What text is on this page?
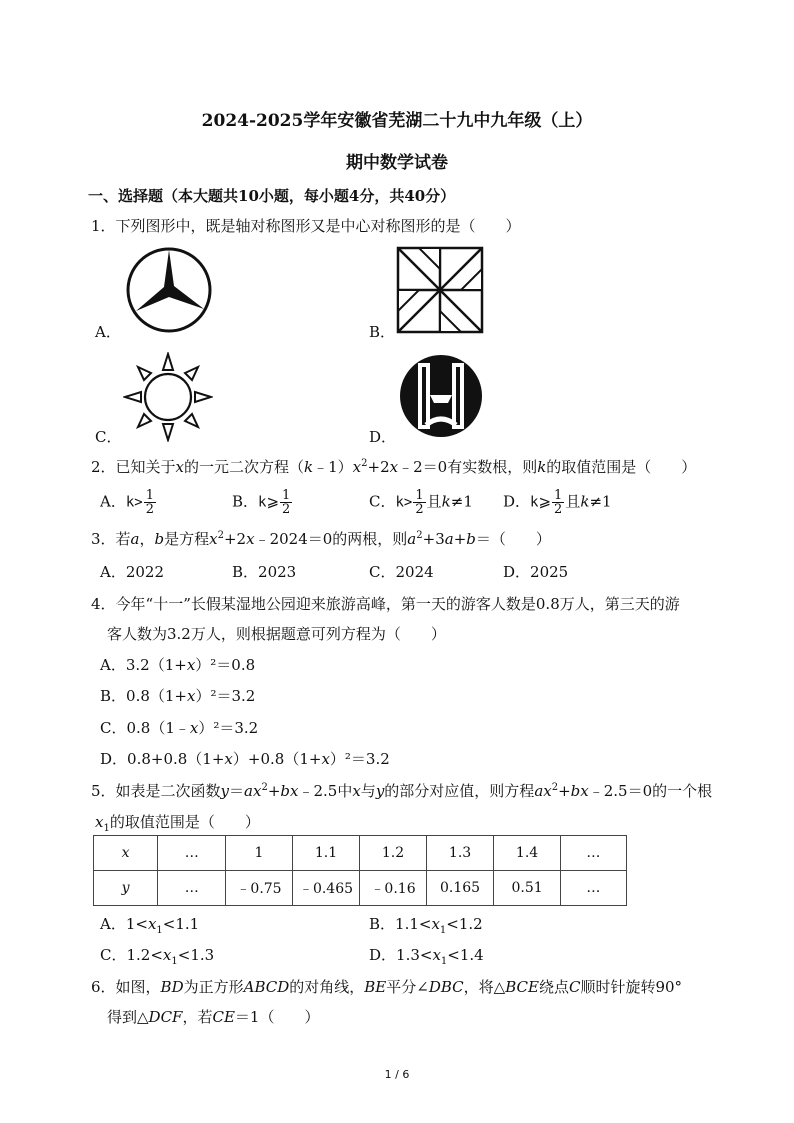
2024-2025学年安徽省芜湖二十九中九年级（上）
期中数学试卷
一、选择题（本大题共10小题，每小题4分，共40分）
1．下列图形中，既是轴对称图形又是中心对称图形的是（　　）
A．	B．
C．	D．
2．已知关于x的一元二次方程$(k﹣1)x^2+2x﹣2=0$有实数根，则k的取值范围是（　　）
A．$k> \frac{1}{2}$	B．k⩾ $\frac{1}{2}$	C．$k> \frac{1}{2}$ 且k≠1 D．k⩾ $\frac{1}{2}$ 且k≠1
3．若a，b是方程$x^2+2x﹣2024=0$的两根，则$a^2+3a+b=$（　　）
A．2022	B．2023	C．2024	D．2025
4．今年“十一”长假某湿地公园迎来旅游高峰，第一天的游客人数是0.8万人，第三天的游
客人数为3.2万人，则根据题意可列方程为（　　）
A．3.2（1+x）²＝0.8
B．0.8（1+x）²＝3.2
C．0.8（1﹣x）²＝3.2
D．0.8+0.8（1+x）+0.8（1+x）²＝3.2
5．如表是二次函数$y=ax^2+bx﹣2.5$中x与y的部分对应值，则方程$ax^2+bx﹣2.5=0$的一个根
$x_1$的取值范围是（　　）
x	…	1	1.1	1.2	1.3	1.4	…
y	…	﹣0.75	﹣0.465	﹣0.16	0.165	0.51	…
A．$1<x_1<1.1$	B．$1.1<x_1<1.2$
C．$1.2<x_1<1.3$	D．$1.3<x_1<1.4$
6．如图，BD为正方形ABCD的对角线，BE平分∠DBC，将△BCE绕点C顺时针旋转90°
得到△DCF，若CE＝1（　　）
1 / 6
